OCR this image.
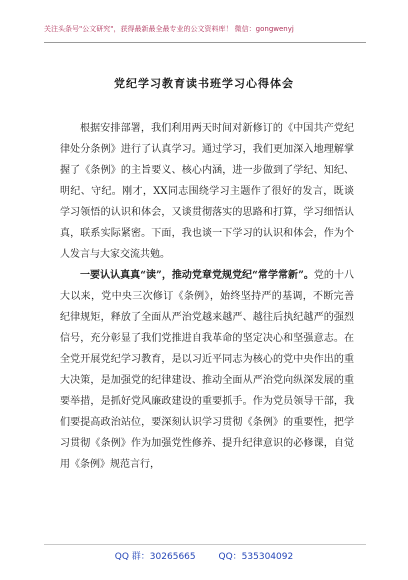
关注头条号"公文研究"，获得最新最全最专业的公文资料库！ 微信：gongwenyj
党纪学习教育读书班学习心得体会

根据安排部署，我们利用两天时间对新修订的《中国共产党纪律处分条例》进行了认真学习。通过学习，我们更加深入地理解掌握了《条例》的主旨要义、核心内涵，进一步做到了学纪、知纪、明纪、守纪。刚才，XX同志围绕学习主题作了很好的发言，既谈学习领悟的认识和体会，又谈贯彻落实的思路和打算，学习细悟认真，联系实际紧密。下面，我也谈一下学习的认识和体会，作为个人发言与大家交流共勉。

一要认认真真“读”，推动党章党规党纪“常学常新”。党的十八大以来，党中央三次修订《条例》，始终坚持严的基调，不断完善纪律规矩，释放了全面从严治党越来越严、越往后执纪越严的强烈信号，充分彰显了我们党推进自我革命的坚定决心和坚强意志。在全党开展党纪学习教育，是以习近平同志为核心的党中央作出的重大决策，是加强党的纪律建设、推动全面从严治党向纵深发展的重要举措，是抓好党风廉政建设的重要抓手。作为党员领导干部，我们要提高政治站位，要深刻认识学习贯彻《条例》的重要性，把学习贯彻《条例》作为加强党性修养、提升纪律意识的必修课，自觉用《条例》规范言行，

QQ 群：30265665	QQ：535304092
